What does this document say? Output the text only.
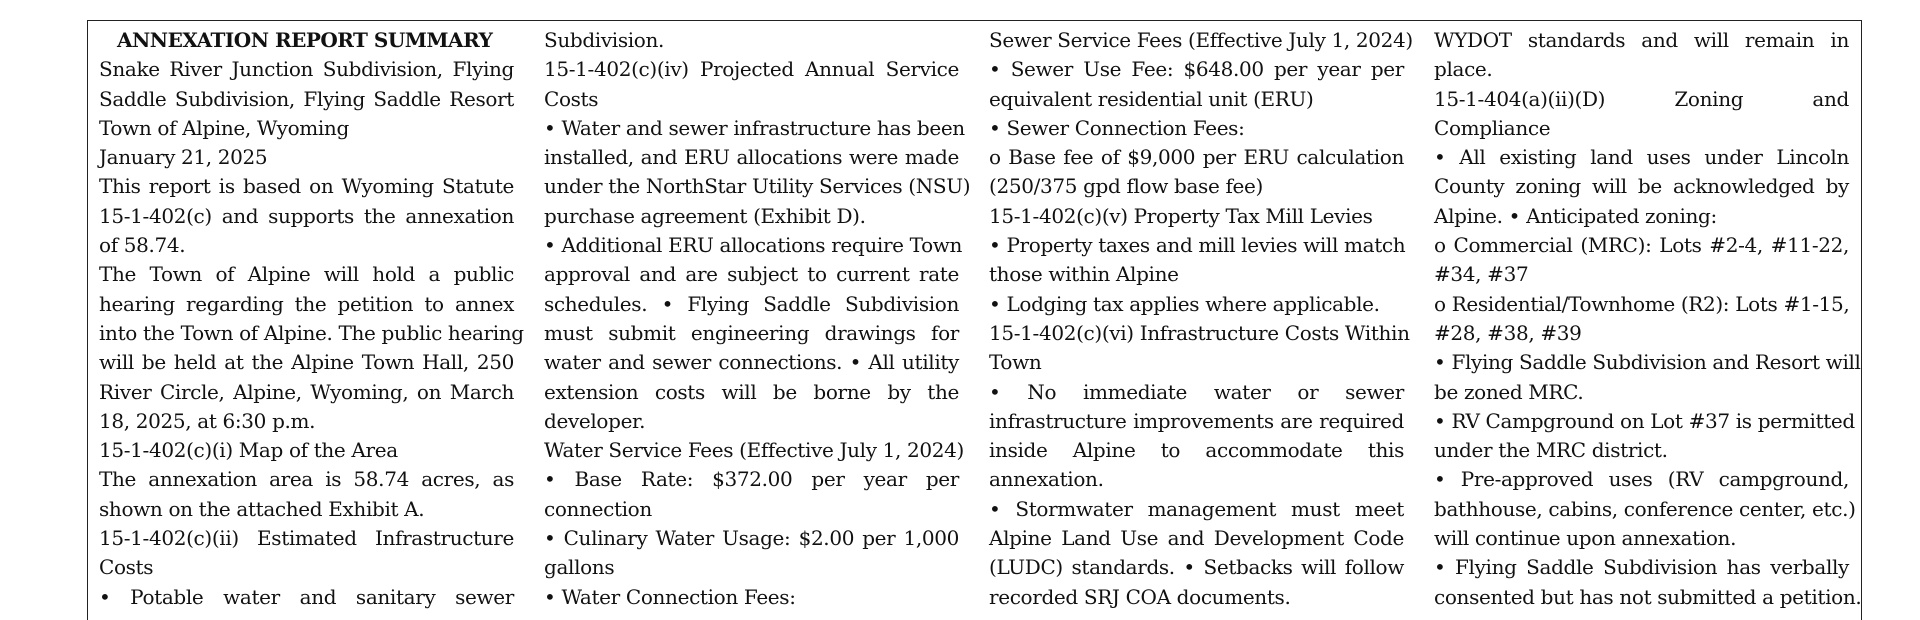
ANNEXATION REPORT SUMMARY
Snake River Junction Subdivision, Flying
Saddle Subdivision, Flying Saddle Resort
Town of Alpine, Wyoming
January 21, 2025
This report is based on Wyoming Statute
15-1-402(c) and supports the annexation
of 58.74.
The Town of Alpine will hold a public
hearing regarding the petition to annex
into the Town of Alpine. The public hearing
will be held at the Alpine Town Hall, 250
River Circle, Alpine, Wyoming, on March
18, 2025, at 6:30 p.m.
15-1-402(c)(i) Map of the Area
The annexation area is 58.74 acres, as
shown on the attached Exhibit A.
15-1-402(c)(ii) Estimated Infrastructure
Costs
• Potable water and sanitary sewer
Subdivision.
15-1-402(c)(iv) Projected Annual Service
Costs
• Water and sewer infrastructure has been
installed, and ERU allocations were made
under the NorthStar Utility Services (NSU)
purchase agreement (Exhibit D).
• Additional ERU allocations require Town
approval and are subject to current rate
schedules. • Flying Saddle Subdivision
must submit engineering drawings for
water and sewer connections. • All utility
extension costs will be borne by the
developer.
Water Service Fees (Effective July 1, 2024)
• Base Rate: $372.00 per year per
connection
• Culinary Water Usage: $2.00 per 1,000
gallons
• Water Connection Fees:
Sewer Service Fees (Effective July 1, 2024)
• Sewer Use Fee: $648.00 per year per
equivalent residential unit (ERU)
• Sewer Connection Fees:
o Base fee of $9,000 per ERU calculation
(250/375 gpd flow base fee)
15-1-402(c)(v) Property Tax Mill Levies
• Property taxes and mill levies will match
those within Alpine
• Lodging tax applies where applicable.
15-1-402(c)(vi) Infrastructure Costs Within
Town
• No immediate water or sewer
infrastructure improvements are required
inside Alpine to accommodate this
annexation.
• Stormwater management must meet
Alpine Land Use and Development Code
(LUDC) standards. • Setbacks will follow
recorded SRJ COA documents.
WYDOT standards and will remain in
place.
15-1-404(a)(ii)(D) Zoning and
Compliance
• All existing land uses under Lincoln
County zoning will be acknowledged by
Alpine. • Anticipated zoning:
o Commercial (MRC): Lots #2-4, #11-22,
#34, #37
o Residential/Townhome (R2): Lots #1-15,
#28, #38, #39
• Flying Saddle Subdivision and Resort will
be zoned MRC.
• RV Campground on Lot #37 is permitted
under the MRC district.
• Pre-approved uses (RV campground,
bathhouse, cabins, conference center, etc.)
will continue upon annexation.
• Flying Saddle Subdivision has verbally
consented but has not submitted a petition.
